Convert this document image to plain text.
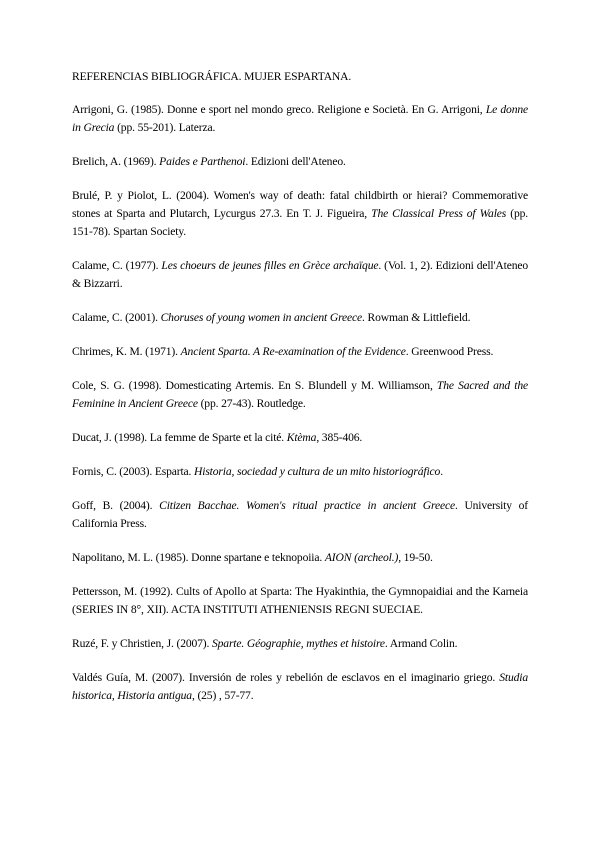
REFERENCIAS BIBLIOGRÁFICA. MUJER ESPARTANA.

Arrigoni, G. (1985). Donne e sport nel mondo greco. Religione e Società. En G. Arrigoni, Le donne in Grecia (pp. 55-201). Laterza.

Brelich, A. (1969). Paides e Parthenoi. Edizioni dell'Ateneo.

Brulé, P. y Piolot, L. (2004). Women's way of death: fatal childbirth or hierai? Commemorative stones at Sparta and Plutarch, Lycurgus 27.3. En T. J. Figueira, The Classical Press of Wales (pp. 151-78). Spartan Society.

Calame, C. (1977). Les choeurs de jeunes filles en Grèce archaïque. (Vol. 1, 2). Edizioni dell'Ateneo & Bizzarri.

Calame, C. (2001). Choruses of young women in ancient Greece. Rowman & Littlefield.

Chrimes, K. M. (1971). Ancient Sparta. A Re-examination of the Evidence. Greenwood Press.

Cole, S. G. (1998). Domesticating Artemis. En S. Blundell y M. Williamson, The Sacred and the Feminine in Ancient Greece (pp. 27-43). Routledge.

Ducat, J. (1998). La femme de Sparte et la cité. Ktèma, 385-406.

Fornis, C. (2003). Esparta. Historia, sociedad y cultura de un mito historiográfico.

Goff, B. (2004). Citizen Bacchae. Women's ritual practice in ancient Greece. University of California Press.

Napolitano, M. L. (1985). Donne spartane e teknopoiia. AION (archeol.), 19-50.

Pettersson, M. (1992). Cults of Apollo at Sparta: The Hyakinthia, the Gymnopaidiai and the Karneia (SERIES IN 8°, XII). ACTA INSTITUTI ATHENIENSIS REGNI SUECIAE.

Ruzé, F. y Christien, J. (2007). Sparte. Géographie, mythes et histoire. Armand Colin.

Valdés Guía, M. (2007). Inversión de roles y rebelión de esclavos en el imaginario griego. Studia historica, Historia antigua, (25) , 57-77.
